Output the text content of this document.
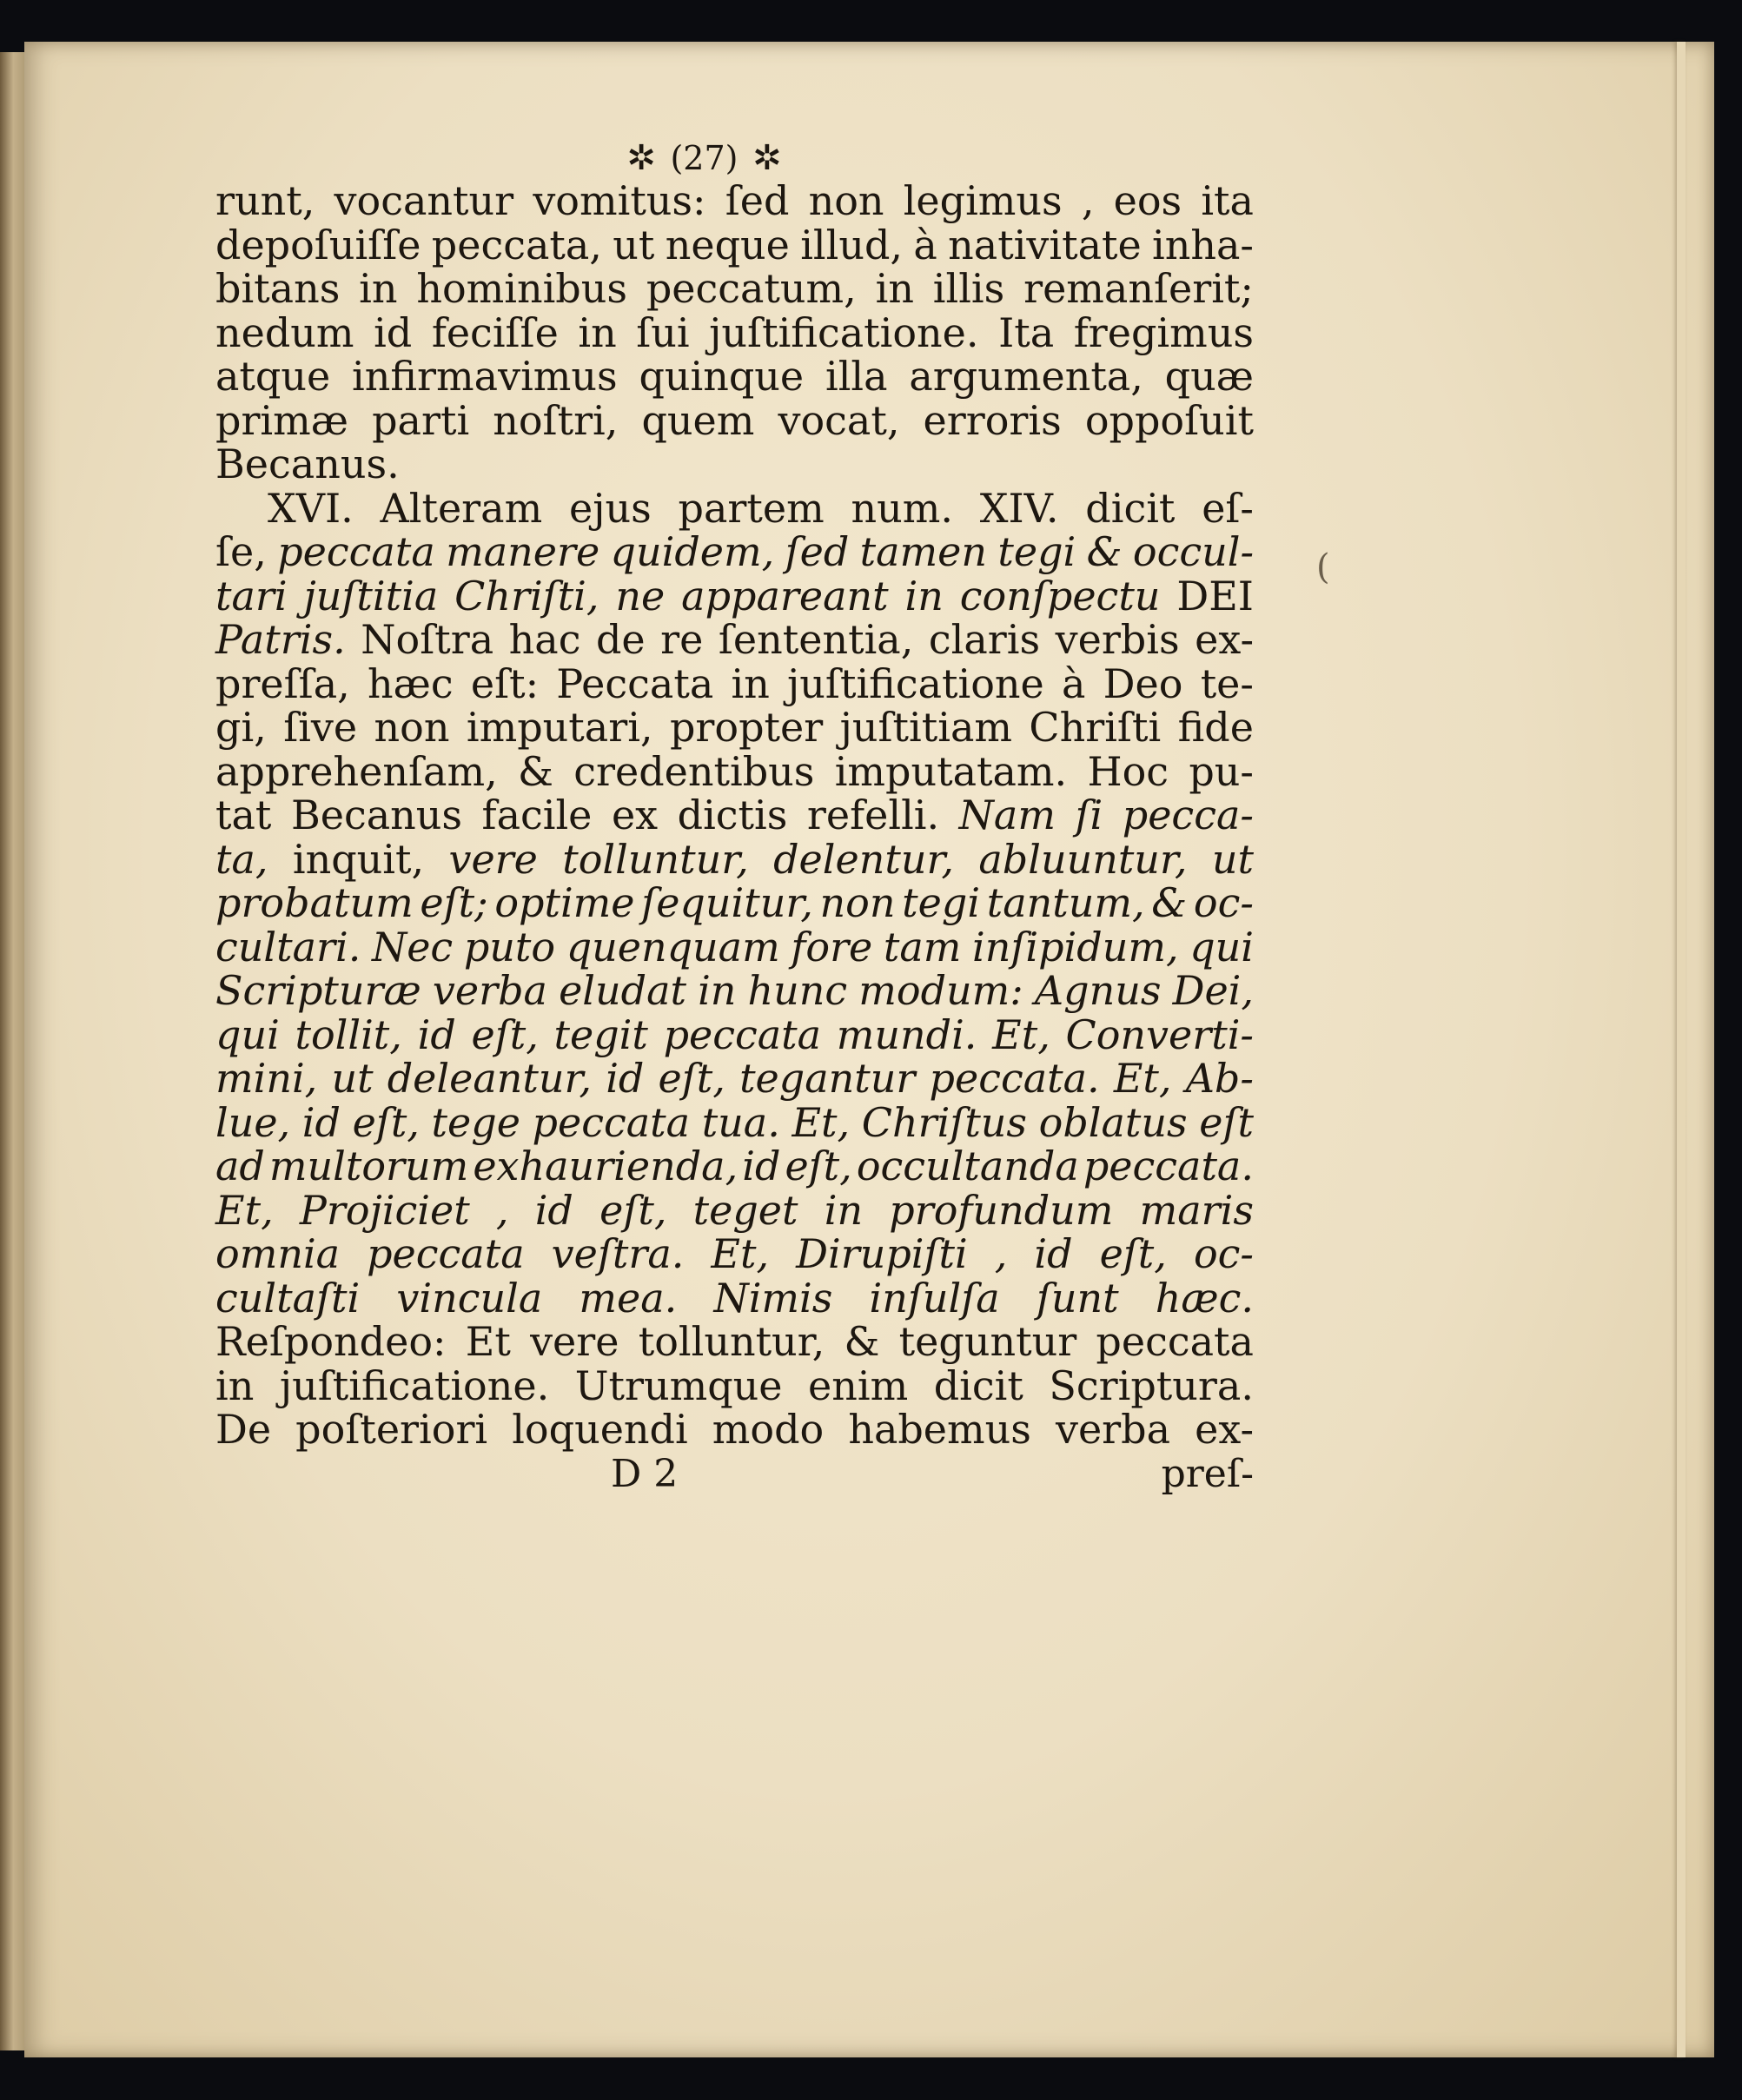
(
✲ (27) ✲
runt, vocantur vomitus: ſed non legimus , eos ita
depoſuiſſe peccata, ut neque illud, à nativitate inha-
bitans in hominibus peccatum, in illis remanſerit;
nedum id feciſſe in ſui juſtificatione. Ita fregimus
atque infirmavimus quinque illa argumenta, quæ
primæ parti noſtri, quem vocat, erroris oppoſuit
Becanus.
XVI. Alteram ejus partem num. XIV. dicit eſ-
ſe, peccata manere quidem, ſed tamen tegi & occul-
tari juſtitia Chriſti, ne appareant in conſpectu DEI
Patris. Noſtra hac de re ſententia, claris verbis ex-
preſſa, hæc eſt: Peccata in juſtificatione à Deo te-
gi, ſive non imputari, propter juſtitiam Chriſti fide
apprehenſam, & credentibus imputatam. Hoc pu-
tat Becanus facile ex dictis refelli. Nam ſi pecca-
ta, inquit, vere tolluntur, delentur, abluuntur, ut
probatum eſt; optime ſequitur, non tegi tantum, & oc-
cultari. Nec puto quenquam fore tam inſipidum, qui
Scripturæ verba eludat in hunc modum: Agnus Dei,
qui tollit, id eſt, tegit peccata mundi. Et, Converti-
mini, ut deleantur, id eſt, tegantur peccata. Et, Ab-
lue, id eſt, tege peccata tua. Et, Chriſtus oblatus eſt
ad multorum exhaurienda, id eſt, occultanda peccata.
Et, Projiciet , id eſt, teget in profundum maris
omnia peccata veſtra. Et, Dirupiſti , id eſt, oc-
cultaſti vincula mea. Nimis inſulſa ſunt hæc.
Reſpondeo: Et vere tolluntur, & teguntur peccata
in juſtificatione. Utrumque enim dicit Scriptura.
De poſteriori loquendi modo habemus verba ex-
D 2	preſ-
